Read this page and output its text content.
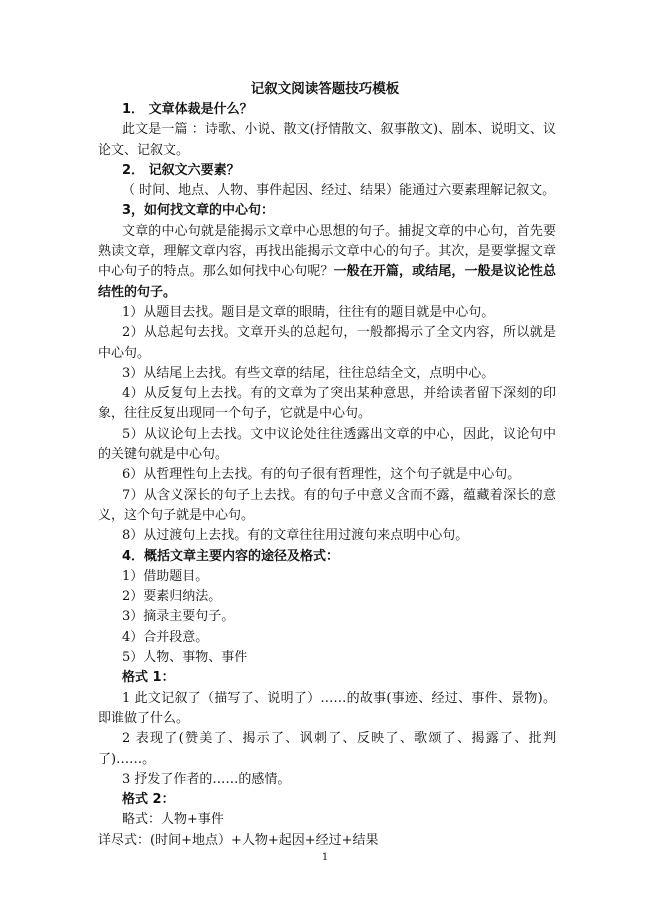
记叙文阅读答题技巧模板

1． 文章体裁是什么？

此文是一篇 ：诗歌、小说、散文(抒情散文、叙事散文)、剧本、说明文、议论文、记叙文。

2． 记叙文六要素？

（ 时间、地点、人物、事件起因、经过、结果）能通过六要素理解记叙文。

3，如何找文章的中心句：

文章的中心句就是能揭示文章中心思想的句子。捕捉文章的中心句，首先要熟读文章，理解文章内容，再找出能揭示文章中心的句子。其次，是要掌握文章中心句子的特点。那么如何找中心句呢？一般在开篇，或结尾，一般是议论性总结性的句子。

1）从题目去找。题目是文章的眼睛，往往有的题目就是中心句。

2）从总起句去找。文章开头的总起句，一般都揭示了全文内容，所以就是中心句。

3）从结尾上去找。有些文章的结尾，往往总结全文，点明中心。

4）从反复句上去找。有的文章为了突出某种意思，并给读者留下深刻的印象，往往反复出现同一个句子，它就是中心句。

5）从议论句上去找。文中议论处往往透露出文章的中心，因此，议论句中的关键句就是中心句。

6）从哲理性句上去找。有的句子很有哲理性，这个句子就是中心句。

7）从含义深长的句子上去找。有的句子中意义含而不露，蕴藏着深长的意义，这个句子就是中心句。

8）从过渡句上去找。有的文章往往用过渡句来点明中心句。

4．概括文章主要内容的途径及格式：

1）借助题目。

2）要素归纳法。

3）摘录主要句子。

4）合并段意。

5）人物、事物、事件

格式 1：

1 此文记叙了（描写了、说明了）……的故事(事迹、经过、事件、景物)。即谁做了什么。

2 表现了(赞美了、揭示了、讽刺了、反映了、歌颂了、揭露了、批判了)……。

3 抒发了作者的……的感情。

格式 2：

略式：人物+事件

详尽式：(时间+地点）+人物+起因+经过+结果

1
